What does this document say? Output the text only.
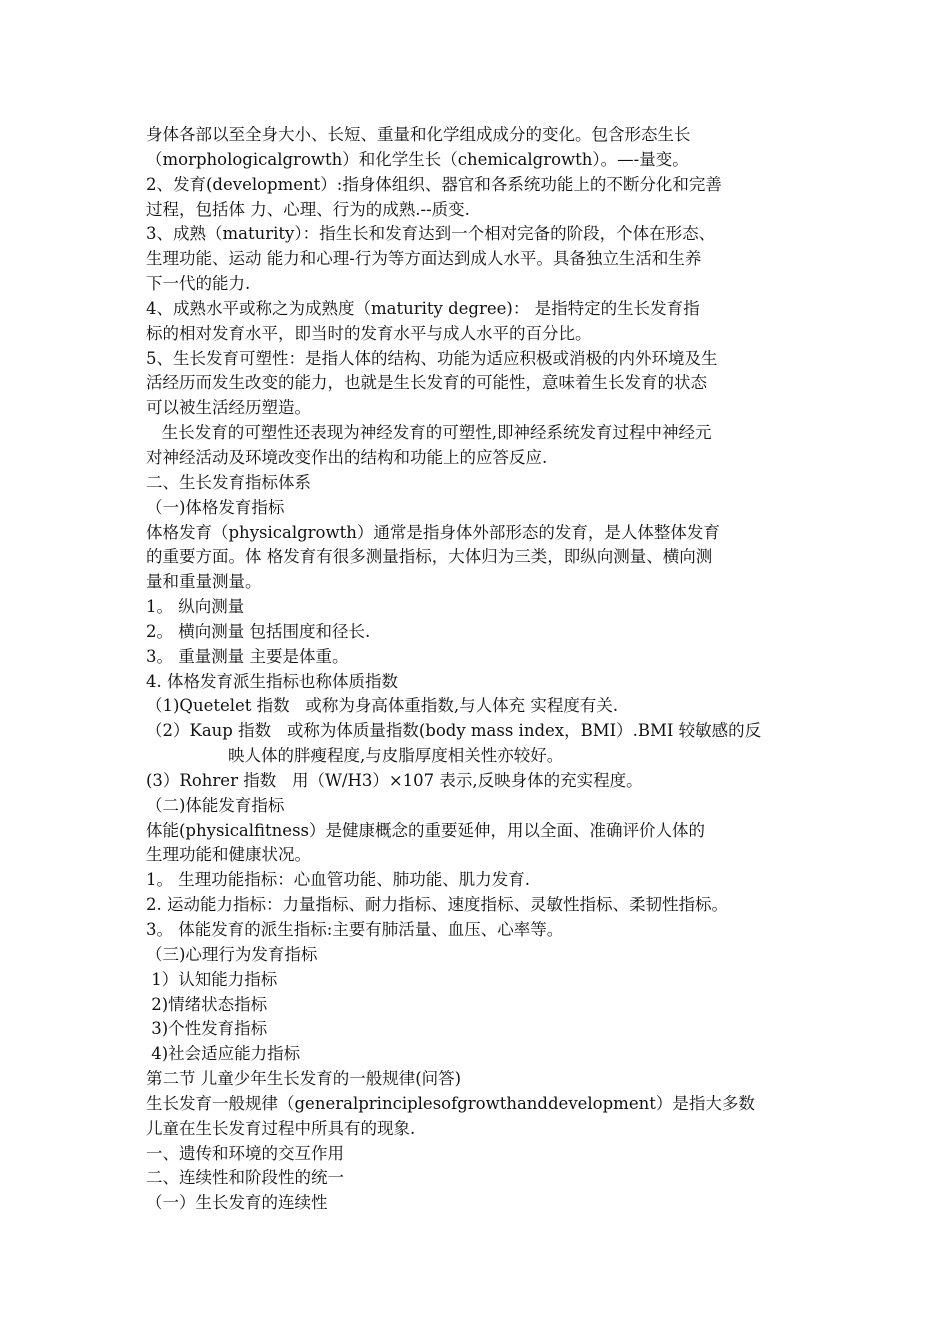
身体各部以至全身大小、长短、重量和化学组成成分的变化。包含形态生长
（morphologicalgrowth）和化学生长（chemicalgrowth）。—-量变。
2、发育(development）:指身体组织、器官和各系统功能上的不断分化和完善
过程，包括体 力、心理、行为的成熟.--质变.
3、成熟（maturity）：指生长和发育达到一个相对完备的阶段，个体在形态、
生理功能、运动 能力和心理-行为等方面达到成人水平。具备独立生活和生养
下一代的能力.
4、成熟水平或称之为成熟度（maturity degree)： 是指特定的生长发育指
标的相对发育水平，即当时的发育水平与成人水平的百分比。
5、生长发育可塑性：是指人体的结构、功能为适应积极或消极的内外环境及生
活经历而发生改变的能力，也就是生长发育的可能性，意味着生长发育的状态
可以被生活经历塑造。
生长发育的可塑性还表现为神经发育的可塑性,即神经系统发育过程中神经元
对神经活动及环境改变作出的结构和功能上的应答反应.
二、生长发育指标体系
（一)体格发育指标
体格发育（physicalgrowth）通常是指身体外部形态的发育，是人体整体发育
的重要方面。体 格发育有很多测量指标，大体归为三类，即纵向测量、横向测
量和重量测量。
1。 纵向测量
2。 横向测量 包括围度和径长.
3。 重量测量 主要是体重。
4. 体格发育派生指标也称体质指数
（1)Quetelet 指数   或称为身高体重指数,与人体充 实程度有关.
（2）Kaup 指数   或称为体质量指数(body mass index，BMI）.BMI 较敏感的反
映人体的胖瘦程度,与皮脂厚度相关性亦较好。
(3）Rohrer 指数   用（W/H3）×107 表示,反映身体的充实程度。
（二)体能发育指标
体能(physicalfitness）是健康概念的重要延伸，用以全面、准确评价人体的
生理功能和健康状况。
1。 生理功能指标：心血管功能、肺功能、肌力发育.
2. 运动能力指标：力量指标、耐力指标、速度指标、灵敏性指标、柔韧性指标。
3。 体能发育的派生指标:主要有肺活量、血压、心率等。
（三)心理行为发育指标
1）认知能力指标
2)情绪状态指标
3)个性发育指标
4)社会适应能力指标
第二节 儿童少年生长发育的一般规律(问答)
生长发育一般规律（generalprinciplesofgrowthanddevelopment）是指大多数
儿童在生长发育过程中所具有的现象.
一、遗传和环境的交互作用
二、连续性和阶段性的统一
（一）生长发育的连续性
